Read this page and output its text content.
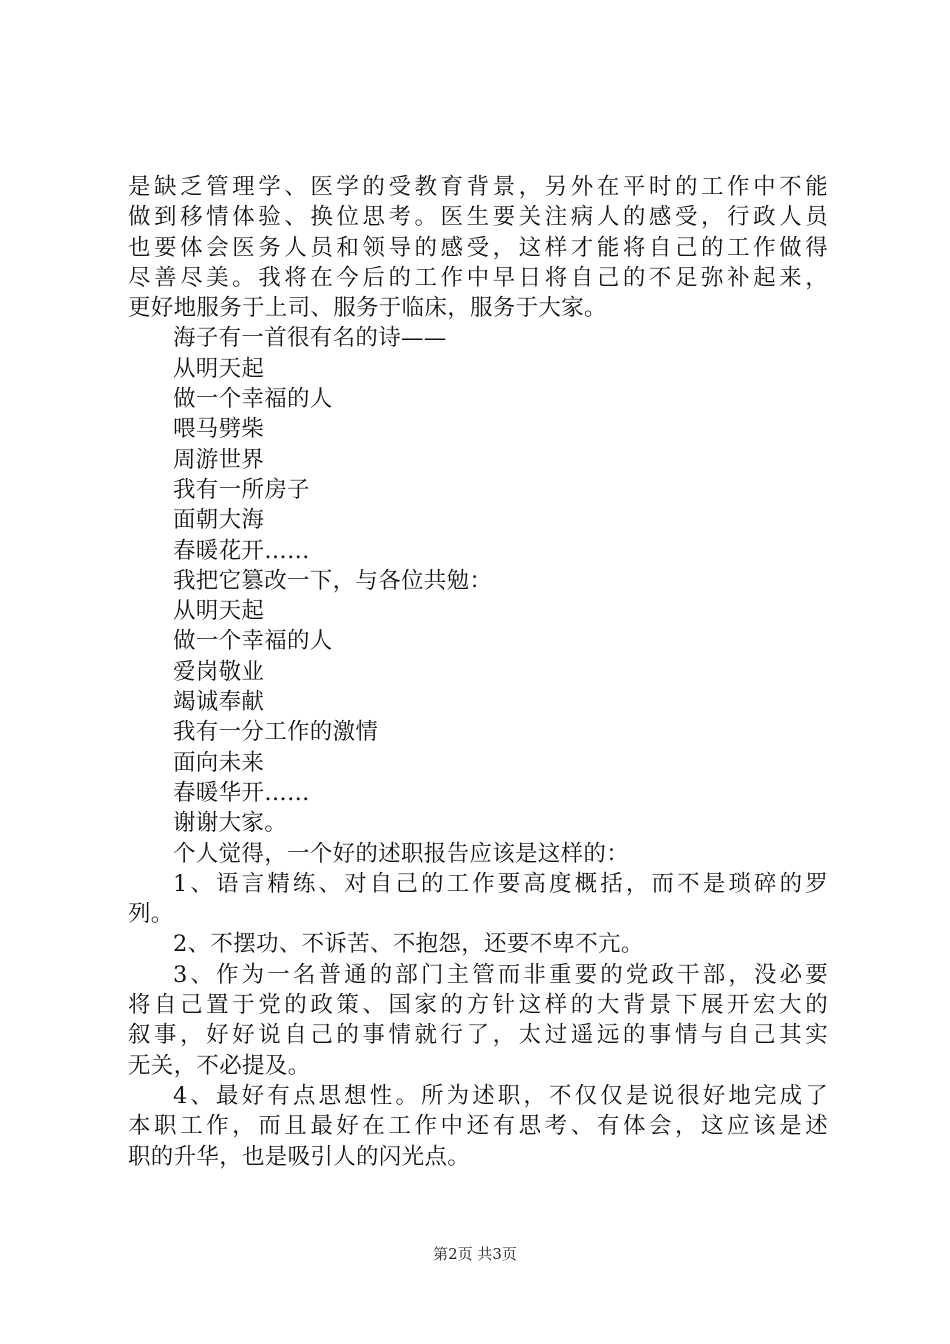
是缺乏管理学、医学的受教育背景，另外在平时的工作中不能
做到移情体验、换位思考。医生要关注病人的感受，行政人员
也要体会医务人员和领导的感受，这样才能将自己的工作做得
尽善尽美。我将在今后的工作中早日将自己的不足弥补起来，
更好地服务于上司、服务于临床，服务于大家。
海子有一首很有名的诗——
从明天起
做一个幸福的人
喂马劈柴
周游世界
我有一所房子
面朝大海
春暖花开……
我把它篡改一下，与各位共勉：
从明天起
做一个幸福的人
爱岗敬业
竭诚奉献
我有一分工作的激情
面向未来
春暖华开……
谢谢大家。
个人觉得，一个好的述职报告应该是这样的：
1、语言精练、对自己的工作要高度概括，而不是琐碎的罗
列。
2、不摆功、不诉苦、不抱怨，还要不卑不亢。
3、作为一名普通的部门主管而非重要的党政干部，没必要
将自己置于党的政策、国家的方针这样的大背景下展开宏大的
叙事，好好说自己的事情就行了，太过遥远的事情与自己其实
无关，不必提及。
4、最好有点思想性。所为述职，不仅仅是说很好地完成了
本职工作，而且最好在工作中还有思考、有体会，这应该是述
职的升华，也是吸引人的闪光点。
第2页 共3页
